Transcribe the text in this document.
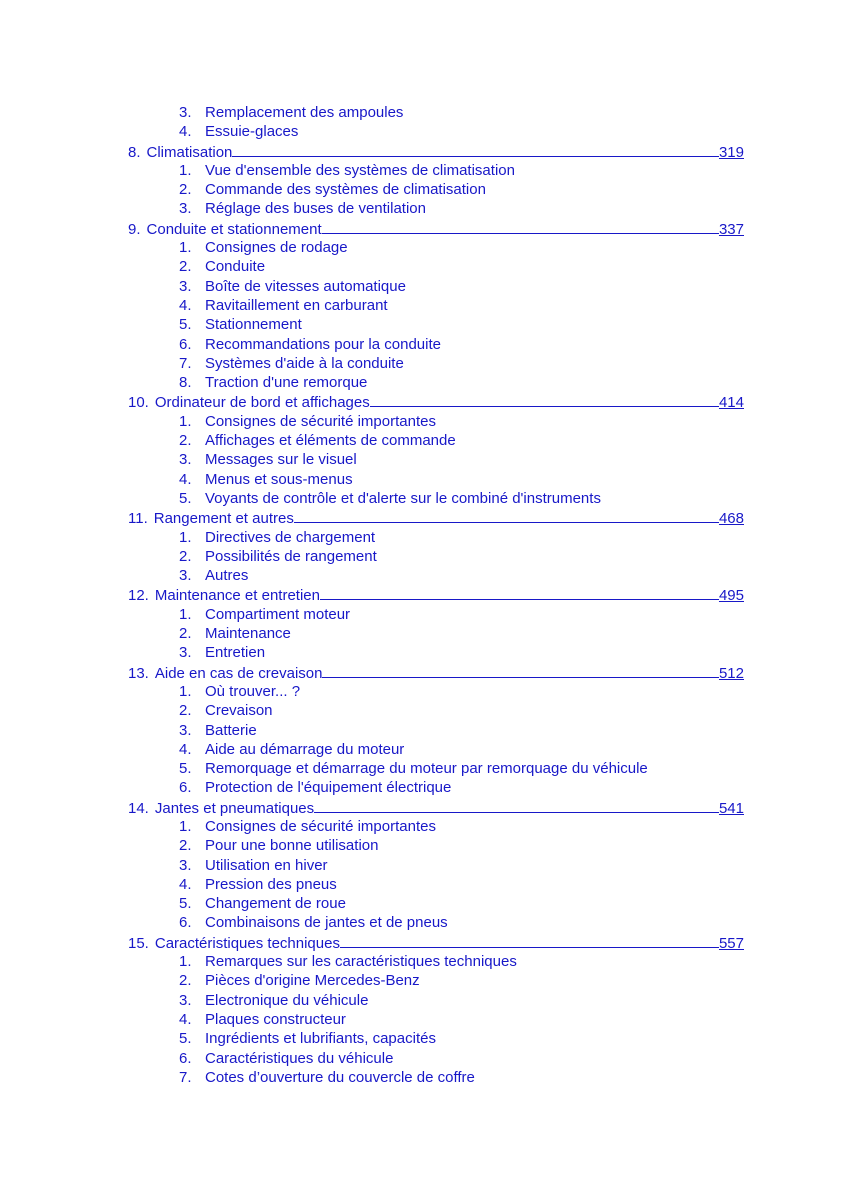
3. Remplacement des ampoules
4. Essuie-glaces
8. Climatisation	319
1. Vue d'ensemble des systèmes de climatisation
2. Commande des systèmes de climatisation
3. Réglage des buses de ventilation
9. Conduite et stationnement	337
1. Consignes de rodage
2. Conduite
3. Boîte de vitesses automatique
4. Ravitaillement en carburant
5. Stationnement
6. Recommandations pour la conduite
7. Systèmes d'aide à la conduite
8. Traction d'une remorque
10. Ordinateur de bord et affichages	414
1. Consignes de sécurité importantes
2. Affichages et éléments de commande
3. Messages sur le visuel
4. Menus et sous-menus
5. Voyants de contrôle et d'alerte sur le combiné d'instruments
11. Rangement et autres	468
1. Directives de chargement
2. Possibilités de rangement
3. Autres
12. Maintenance et entretien	495
1. Compartiment moteur
2. Maintenance
3. Entretien
13. Aide en cas de crevaison	512
1. Où trouver... ?
2. Crevaison
3. Batterie
4. Aide au démarrage du moteur
5. Remorquage et démarrage du moteur par remorquage du véhicule
6. Protection de l'équipement électrique
14. Jantes et pneumatiques	541
1. Consignes de sécurité importantes
2. Pour une bonne utilisation
3. Utilisation en hiver
4. Pression des pneus
5. Changement de roue
6. Combinaisons de jantes et de pneus
15. Caractéristiques techniques	557
1. Remarques sur les caractéristiques techniques
2. Pièces d'origine Mercedes-Benz
3. Electronique du véhicule
4. Plaques constructeur
5. Ingrédients et lubrifiants, capacités
6. Caractéristiques du véhicule
7. Cotes d’ouverture du couvercle de coffre
